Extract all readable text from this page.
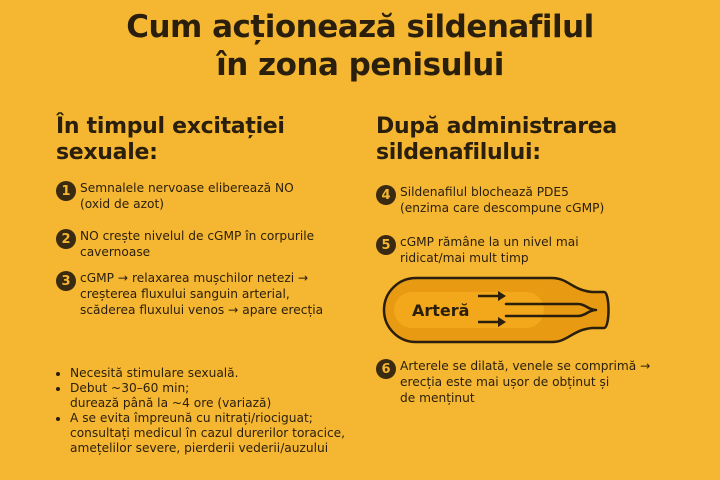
Cum acționează sildenafilul
în zona penisului
În timpul excitației
sexuale:
1 Semnalele nervoase eliberează NO
(oxid de azot)
2 NO crește nivelul de cGMP în corpurile
cavernoase
3 cGMP → relaxarea mușchilor netezi →
creșterea fluxului sanguin arterial,
scăderea fluxului venos → apare erecția
• Necesită stimulare sexuală.
• Debut ~30–60 min;
durează până la ~4 ore (variază)
• A se evita împreună cu nitrați/riociguat;
consultați medicul în cazul durerilor toracice,
amețelilor severe, pierderii vederii/auzului
După administrarea
sildenafilului:
4 Sildenafilul blochează PDE5
(enzima care descompune cGMP)
5 cGMP rămâne la un nivel mai
ridicat/mai mult timp
Arteră
6 Arterele se dilată, venele se comprimă →
erecția este mai ușor de obținut și
de menținut
